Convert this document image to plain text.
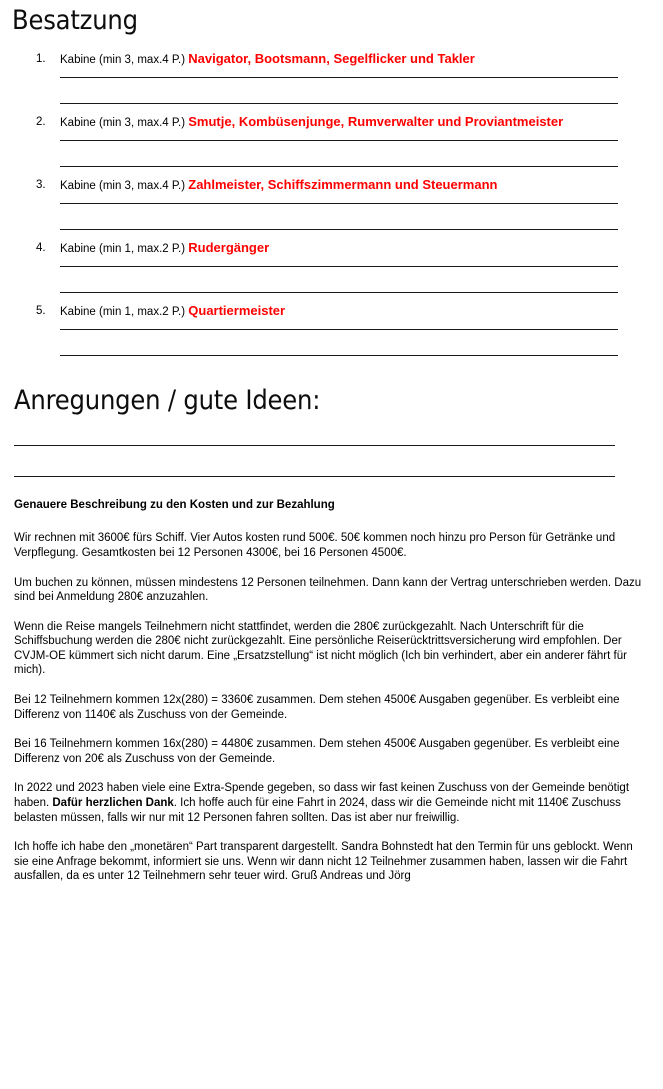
Besatzung
1.	Kabine (min 3, max.4 P.) Navigator, Bootsmann, Segelflicker und Takler

2.	Kabine (min 3, max.4 P.) Smutje, Kombüsenjunge, Rumverwalter und Proviantmeister

3.	Kabine (min 3, max.4 P.) Zahlmeister, Schiffszimmermann und Steuermann

4.	Kabine (min 1, max.2 P.) Rudergänger

5.	Kabine (min 1, max.2 P.) Quartiermeister

Anregungen / gute Ideen:

Genauere Beschreibung zu den Kosten und zur Bezahlung

Wir rechnen mit 3600€ fürs Schiff. Vier Autos kosten rund 500€. 50€ kommen noch hinzu pro Person für Getränke und Verpflegung. Gesamtkosten bei 12 Personen 4300€, bei 16 Personen 4500€.

Um buchen zu können, müssen mindestens 12 Personen teilnehmen. Dann kann der Vertrag unterschrieben werden. Dazu sind bei Anmeldung 280€ anzuzahlen.

Wenn die Reise mangels Teilnehmern nicht stattfindet, werden die 280€ zurückgezahlt. Nach Unterschrift für die Schiffsbuchung werden die 280€ nicht zurückgezahlt. Eine persönliche Reiserücktrittsversicherung wird empfohlen. Der CVJM-OE kümmert sich nicht darum. Eine „Ersatzstellung“ ist nicht möglich (Ich bin verhindert, aber ein anderer fährt für mich).

Bei 12 Teilnehmern kommen 12x(280) = 3360€ zusammen. Dem stehen 4500€ Ausgaben gegenüber. Es verbleibt eine Differenz von 1140€ als Zuschuss von der Gemeinde.

Bei 16 Teilnehmern kommen 16x(280) = 4480€ zusammen. Dem stehen 4500€ Ausgaben gegenüber. Es verbleibt eine Differenz von 20€ als Zuschuss von der Gemeinde.

In 2022 und 2023 haben viele eine Extra-Spende gegeben, so dass wir fast keinen Zuschuss von der Gemeinde benötigt haben. Dafür herzlichen Dank. Ich hoffe auch für eine Fahrt in 2024, dass wir die Gemeinde nicht mit 1140€ Zuschuss belasten müssen, falls wir nur mit 12 Personen fahren sollten. Das ist aber nur freiwillig.

Ich hoffe ich habe den „monetären“ Part transparent dargestellt. Sandra Bohnstedt hat den Termin für uns geblockt. Wenn sie eine Anfrage bekommt, informiert sie uns. Wenn wir dann nicht 12 Teilnehmer zusammen haben, lassen wir die Fahrt ausfallen, da es unter 12 Teilnehmern sehr teuer wird. Gruß Andreas und Jörg
